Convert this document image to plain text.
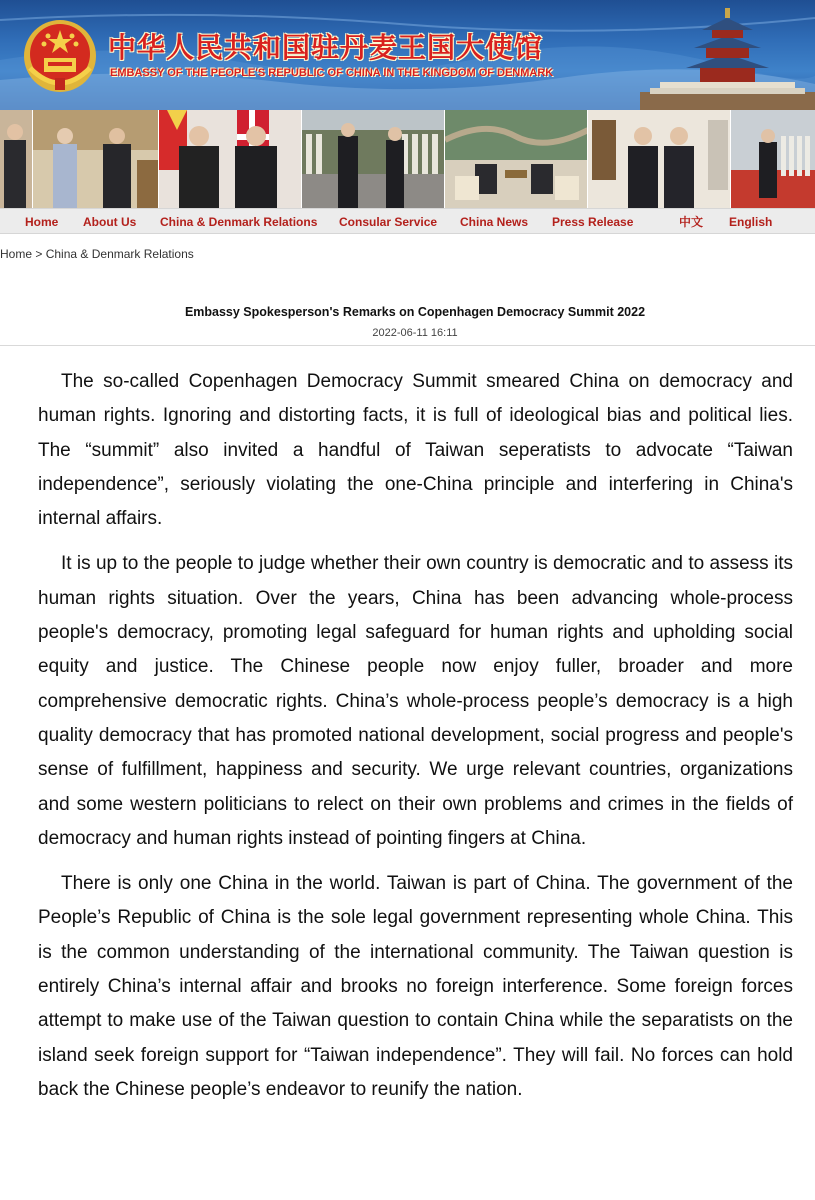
中华人民共和国驻丹麦王国大使馆
EMBASSY OF THE PEOPLE'S REPUBLIC OF CHINA IN THE KINGDOM OF DENMARK
Home About Us China & Denmark Relations Consular Service China News Press Release	中文 English
Home > China & Denmark Relations
Embassy Spokesperson's Remarks on Copenhagen Democracy Summit 2022
2022-06-11 16:11

The so-called Copenhagen Democracy Summit smeared China on democracy and human rights. Ignoring and distorting facts, it is full of ideological bias and political lies. The “summit” also invited a handful of Taiwan seperatists to advocate “Taiwan independence”, seriously violating the one-China principle and interfering in China's internal affairs.

It is up to the people to judge whether their own country is democratic and to assess its human rights situation. Over the years, China has been advancing whole-process people's democracy, promoting legal safeguard for human rights and upholding social equity and justice. The Chinese people now enjoy fuller, broader and more comprehensive democratic rights. China’s whole-process people’s democracy is a high quality democracy that has promoted national development, social progress and people's sense of fulfillment, happiness and security. We urge relevant countries, organizations and some western politicians to relect on their own problems and crimes in the fields of democracy and human rights instead of pointing fingers at China.

There is only one China in the world. Taiwan is part of China. The government of the People’s Republic of China is the sole legal government representing whole China. This is the common understanding of the international community. The Taiwan question is entirely China’s internal affair and brooks no foreign interference. Some foreign forces attempt to make use of the Taiwan question to contain China while the separatists on the island seek foreign support for “Taiwan independence”. They will fail. No forces can hold back the Chinese people’s endeavor to reunify the nation.
